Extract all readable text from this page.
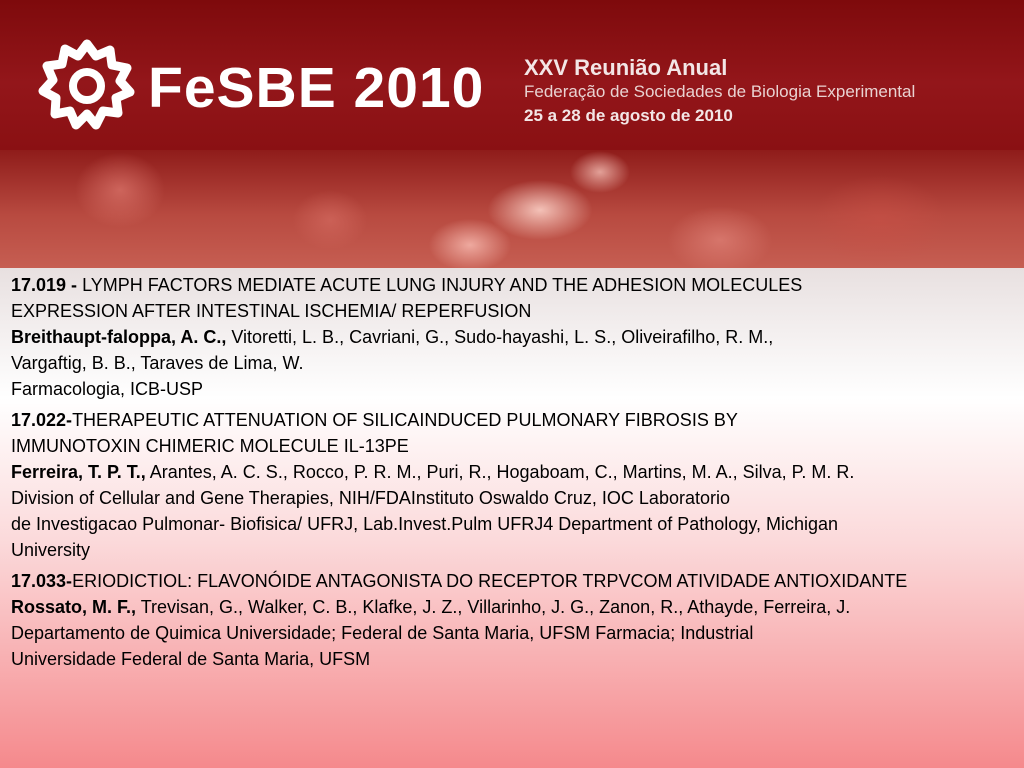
FeSBE 2010 XXV Reunião Anual
Federação de Sociedades de Biologia Experimental
25 a 28 de agosto de 2010
17.019 - LYMPH FACTORS MEDIATE ACUTE LUNG INJURY AND THE ADHESION MOLECULES
EXPRESSION AFTER INTESTINAL ISCHEMIA/ REPERFUSION
Breithaupt-faloppa, A. C., Vitoretti, L. B., Cavriani, G., Sudo-hayashi, L. S., Oliveirafilho, R. M.,
Vargaftig, B. B., Taraves de Lima, W.
Farmacologia, ICB-USP
17.022-THERAPEUTIC ATTENUATION OF SILICAINDUCED PULMONARY FIBROSIS BY
IMMUNOTOXIN CHIMERIC MOLECULE IL-13PE
Ferreira, T. P. T., Arantes, A. C. S., Rocco, P. R. M., Puri, R., Hogaboam, C., Martins, M. A., Silva, P. M. R.
Division of Cellular and Gene Therapies, NIH/FDAInstituto Oswaldo Cruz, IOC Laboratorio
de Investigacao Pulmonar- Biofisica/ UFRJ, Lab.Invest.Pulm UFRJ4 Department of Pathology, Michigan
University
17.033-ERIODICTIOL: FLAVONÓIDE ANTAGONISTA DO RECEPTOR TRPVCOM ATIVIDADE ANTIOXIDANTE
Rossato, M. F., Trevisan, G., Walker, C. B., Klafke, J. Z., Villarinho, J. G., Zanon, R., Athayde, Ferreira, J.
Departamento de Quimica Universidade; Federal de Santa Maria, UFSM Farmacia; Industrial
Universidade Federal de Santa Maria, UFSM
